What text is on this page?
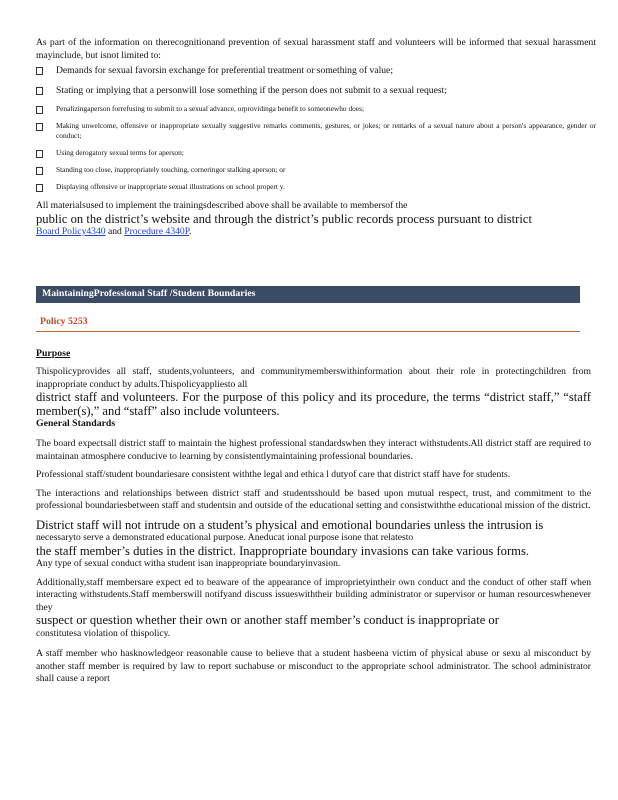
As part of the information on therecognitionand prevention of sexual harassment staff and volunteers will be informed that sexual harassment mayinclude, but isnot limited to:

Demands for sexual favorsin exchange for preferential treatment or something of value;
Stating or implying that a personwill lose something if the person does not submit to a sexual request;
Penalizingaperson forrefusing to submit to a sexual advance, orprovidinga benefit to someonewho does;
Making unwelcome, offensive or inappropriate sexually suggestive remarks comments, gestures, or jokes; or remarks of a sexual nature about a person's appearance, gender or conduct;
Using derogatory sexual terms for aperson;
Standing too close, inappropriately touching, corneringor stalking aperson; or
Displaying offensive or inappropriate sexual illustrations on school propert y.

All materialsused to implement the trainingsdescribed above shall be available to membersof the

public on the district’s website and through the district’s public records process pursuant to district

Board Policy4340 and Procedure 4340P.

MaintainingProfessional Staff /Student Boundaries
Policy 5253

Purpose

Thispolicyprovides all staff, students,volunteers, and communitymemberswithinformation about their role in protectingchildren from inappropriate conduct by adults.Thispolicyappliesto all

district staff and volunteers. For the purpose of this policy and its procedure, the terms “district staff,” “staff member(s),” and “staff” also include volunteers.

General Standards

The board expectsall district staff to maintain the highest professional standardswhen they interact withstudents.All district staff are required to maintainan atmosphere conducive to learning by consistentlymaintaining professional boundaries.

Professional staff/student boundariesare consistent withthe legal and ethica l dutyof care that district staff have for students.

The interactions and relationships between district staff and studentsshould be based upon mutual respect, trust, and commitment to the professional boundariesbetween staff and studentsin and outside of the educational setting and consistwiththe educational mission of the district.

District staff will not intrude on a student’s physical and emotional boundaries unless the intrusion is

necessaryto serve a demonstrated educational purpose. Aneducat ional purpose isone that relatesto

the staff member’s duties in the district. Inappropriate boundary invasions can take various forms.

Any type of sexual conduct witha student isan inappropriate boundaryinvasion.

Additionally,staff membersare expect ed to beaware of the appearance of improprietyintheir own conduct and the conduct of other staff when interacting withstudents.Staff memberswill notifyand discuss issueswiththeir building administrator or supervisor or human resourceswhenever they

suspect or question whether their own or another staff member’s conduct is inappropriate or

constitutesa violation of thispolicy.

A staff member who hasknowledgeor reasonable cause to believe that a student hasbeena victim of physical abuse or sexu al misconduct by another staff member is required by law to report suchabuse or misconduct to the appropriate school administrator. The school administrator shall cause a report
